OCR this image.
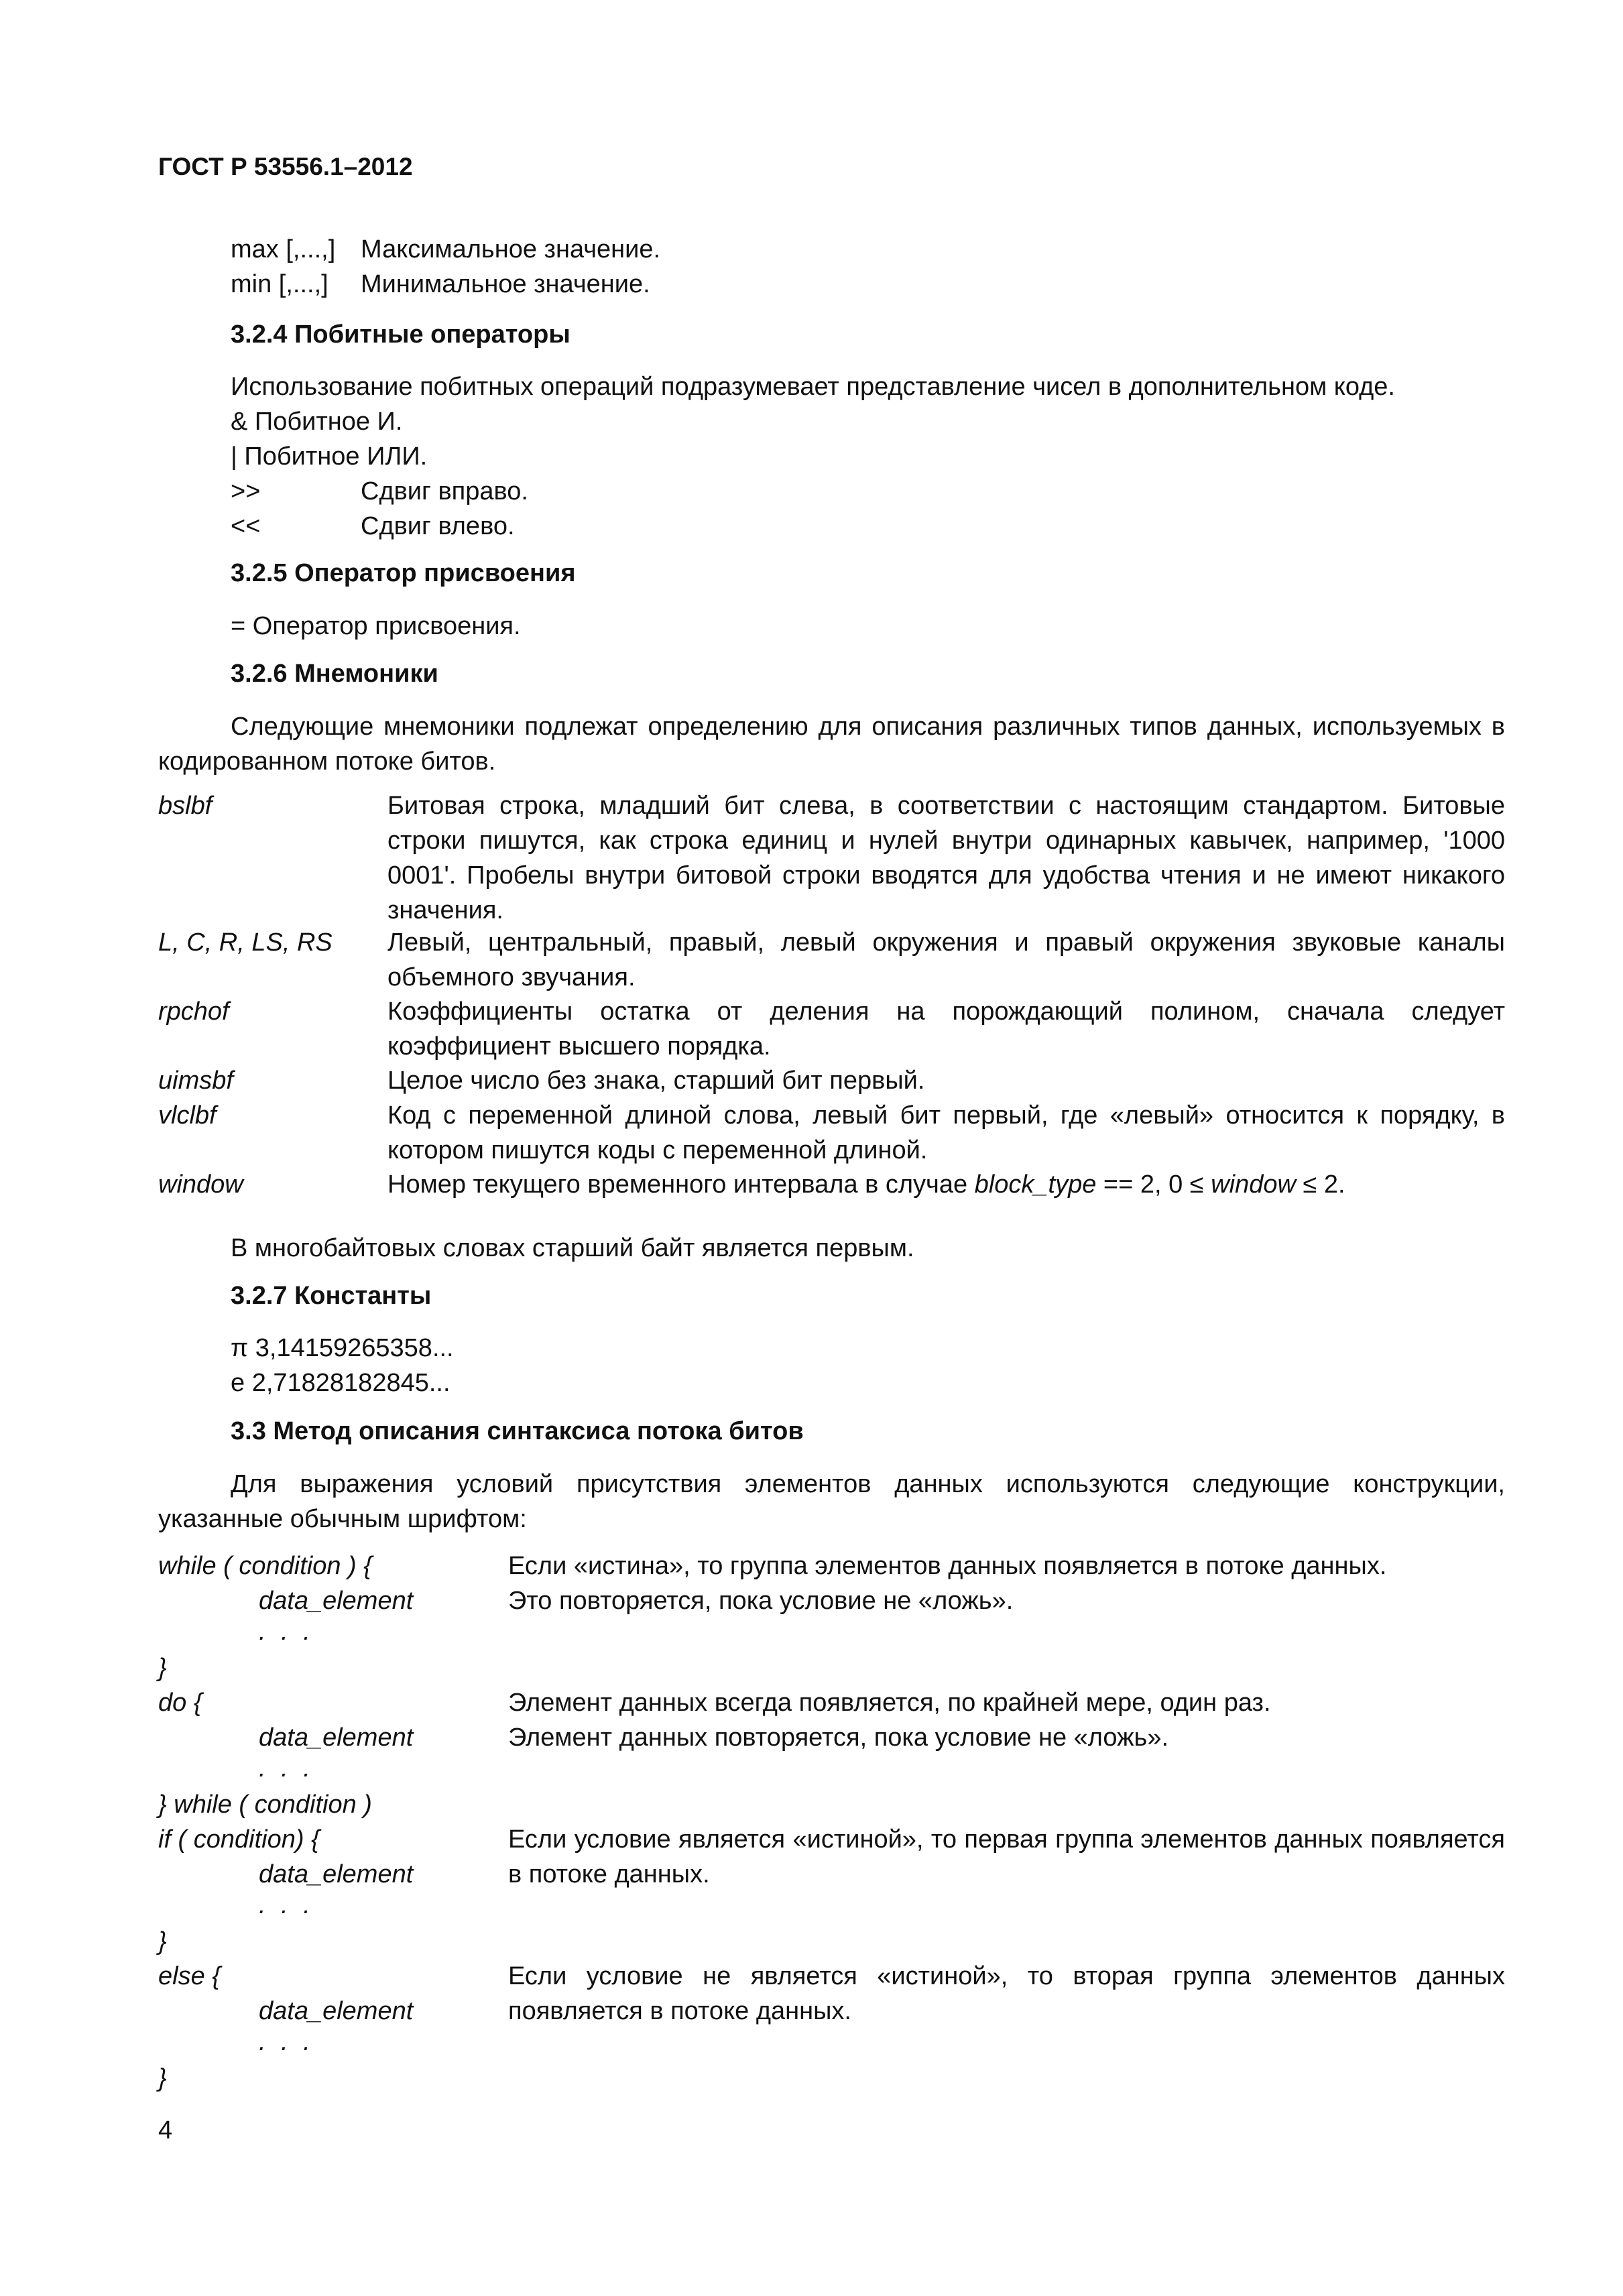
ГОСТ Р 53556.1–2012
max [,...,] Максимальное значение.
min [,...,] Минимальное значение.
3.2.4 Побитные операторы
Использование побитных операций подразумевает представление чисел в дополнительном коде.
& Побитное И.
| Побитное ИЛИ.
>>	Сдвиг вправо.
<<	Сдвиг влево.
3.2.5 Оператор присвоения
= Оператор присвоения.
3.2.6 Мнемоники
Следующие мнемоники подлежат определению для описания различных типов данных, используемых в кодированном потоке битов.
bslbf	Битовая строка, младший бит слева, в соответствии с настоящим стандартом. Битовые строки пишутся, как строка единиц и нулей внутри одинарных кавычек, например, '1000 0001'. Пробелы внутри битовой строки вводятся для удобства чтения и не имеют никакого значения.
L, C, R, LS, RS Левый, центральный, правый, левый окружения и правый окружения звуковые каналы объемного звучания.
rpchof	Коэффициенты остатка от деления на порождающий полином, сначала следует коэффициент высшего порядка.
uimsbf	Целое число без знака, старший бит первый.
vlclbf	Код с переменной длиной слова, левый бит первый, где «левый» относится к порядку, в котором пишутся коды с переменной длиной.
window	Номер текущего временного интервала в случае block_type == 2, 0 ≤ window ≤ 2.
В многобайтовых словах старший байт является первым.
3.2.7 Константы
π 3,14159265358...
e 2,71828182845...
3.3 Метод описания синтаксиса потока битов
Для выражения условий присутствия элементов данных используются следующие конструкции, указанные обычным шрифтом:
while ( condition ) {	Если «истина», то группа элементов данных появляется в потоке данных.
data_element	Это повторяется, пока условие не «ложь».
. . .
}
do {	Элемент данных всегда появляется, по крайней мере, один раз.
data_element	Элемент данных повторяется, пока условие не «ложь».
. . .
} while ( condition )
if ( condition) {	Если условие является «истиной», то первая группа элементов данных появляется в потоке данных.
data_element
. . .
}
else {	Если условие не является «истиной», то вторая группа элементов данных появляется в потоке данных.
data_element
. . .
}
4
